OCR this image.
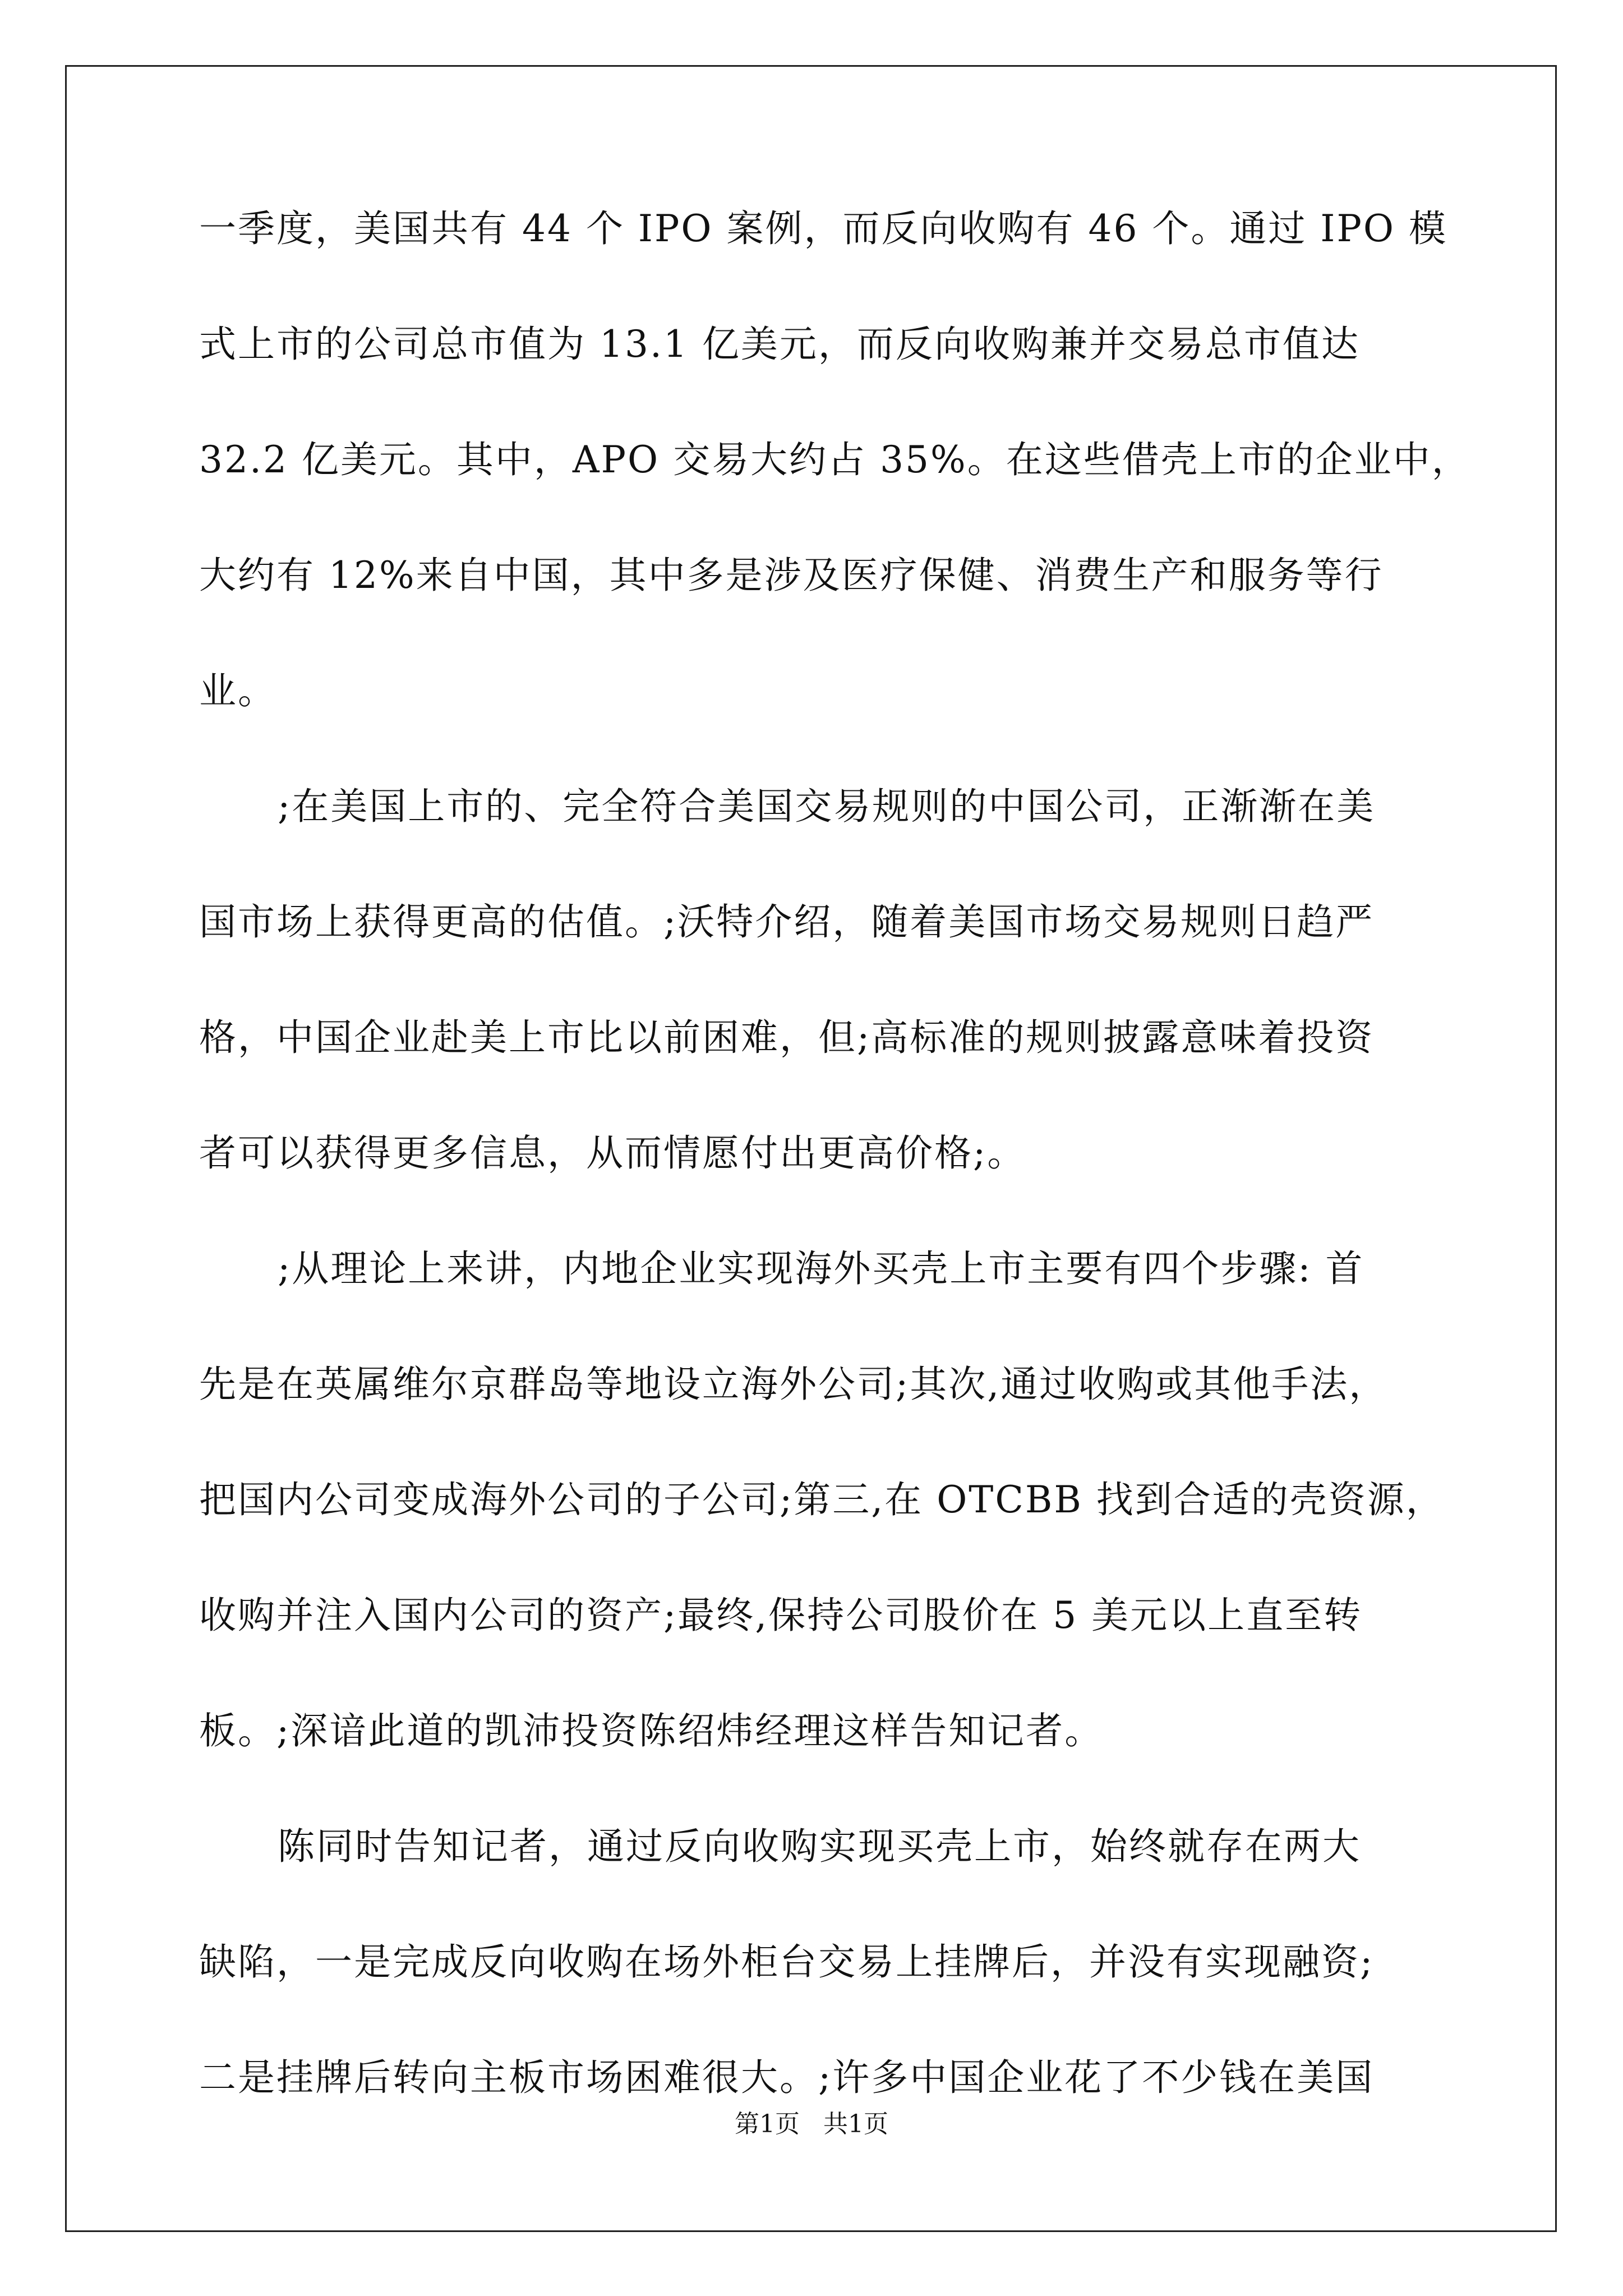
一季度，美国共有 44 个 IPO 案例，而反向收购有 46 个。通过 IPO 模
式上市的公司总市值为 13.1 亿美元，而反向收购兼并交易总市值达
32.2 亿美元。其中，APO 交易大约占 35%。在这些借壳上市的企业中，
大约有 12%来自中国，其中多是涉及医疗保健、消费生产和服务等行
业。
;在美国上市的、完全符合美国交易规则的中国公司，正渐渐在美
国市场上获得更高的估值。;沃特介绍，随着美国市场交易规则日趋严
格，中国企业赴美上市比以前困难，但;高标准的规则披露意味着投资
者可以获得更多信息，从而情愿付出更高价格;。
;从理论上来讲，内地企业实现海外买壳上市主要有四个步骤: 首
先是在英属维尔京群岛等地设立海外公司;其次,通过收购或其他手法，
把国内公司变成海外公司的子公司;第三,在 OTCBB 找到合适的壳资源，
收购并注入国内公司的资产;最终,保持公司股价在 5 美元以上直至转
板。;深谙此道的凯沛投资陈绍炜经理这样告知记者。
陈同时告知记者，通过反向收购实现买壳上市，始终就存在两大
缺陷，一是完成反向收购在场外柜台交易上挂牌后，并没有实现融资;
二是挂牌后转向主板市场困难很大。;许多中国企业花了不少钱在美国
第1页   共1页
